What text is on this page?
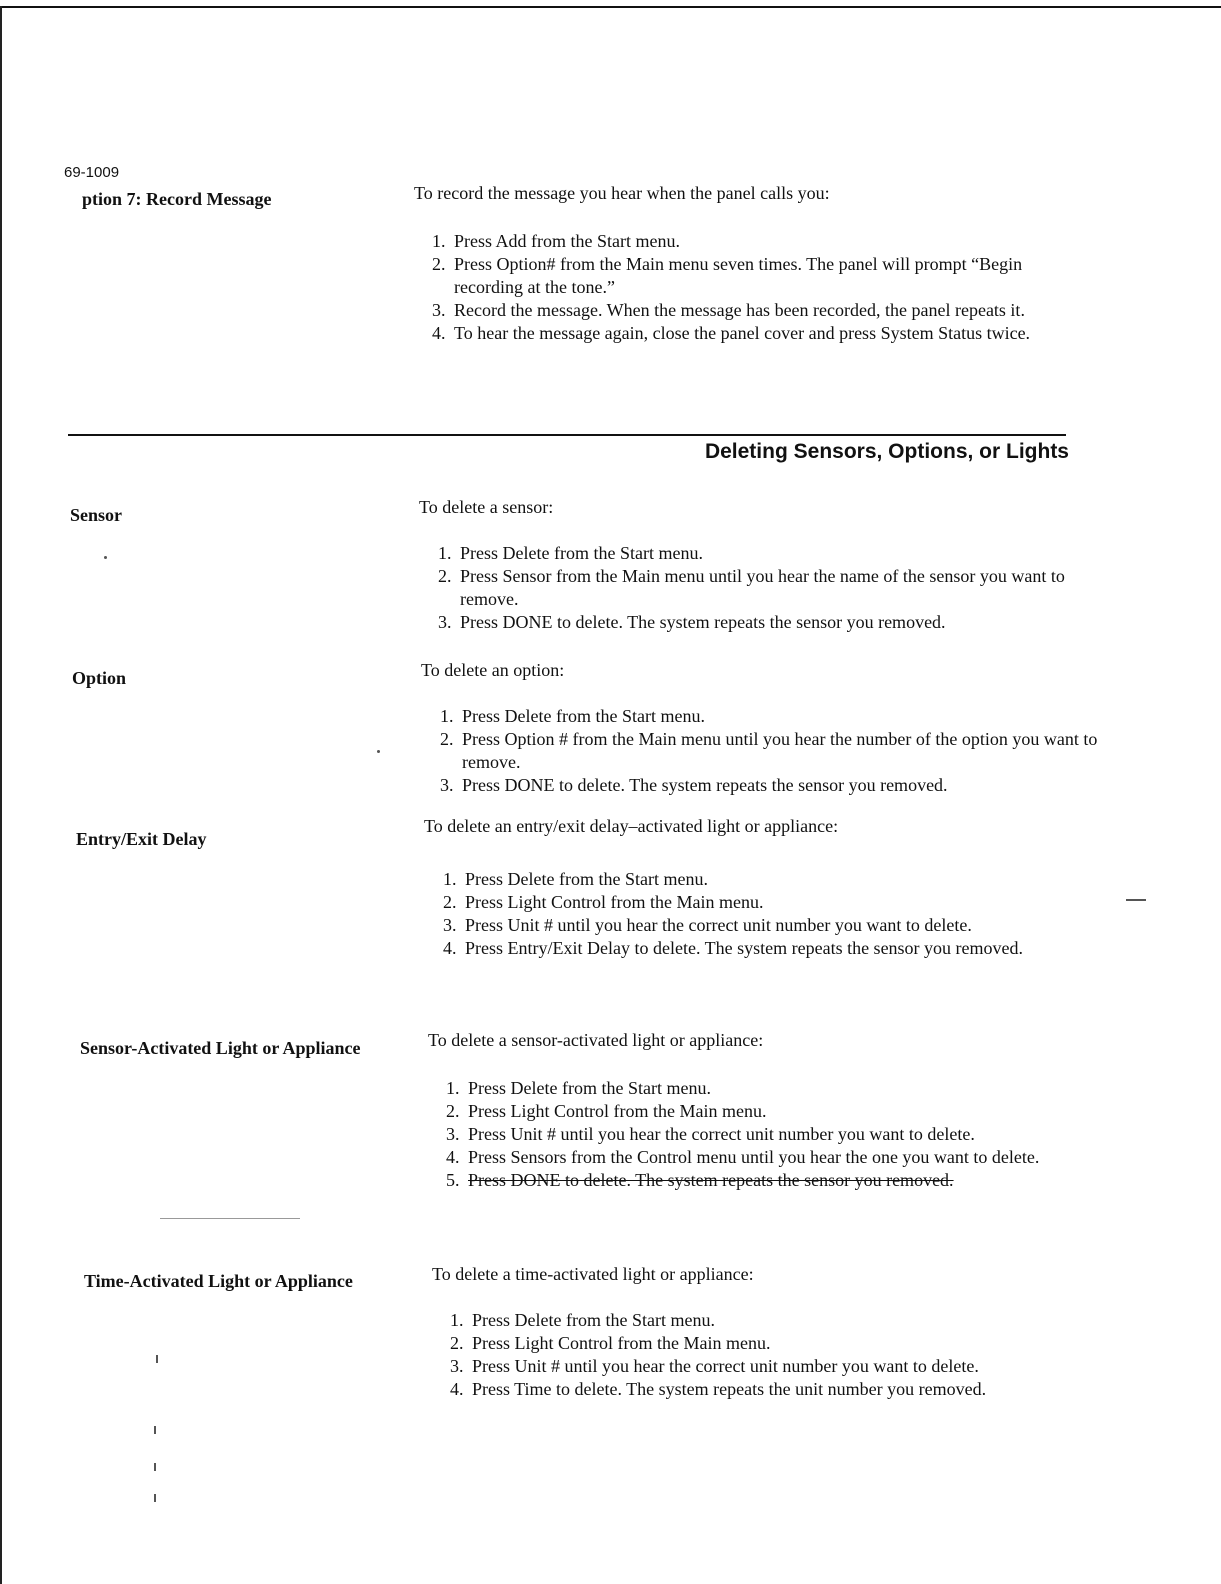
69-1009
ption 7: Record Message	To record the message you hear when the panel calls you:
1. Press Add from the Start menu.
2. Press Option# from the Main menu seven times. The panel will prompt “Begin recording at the tone.”
3. Record the message. When the message has been recorded, the panel repeats it.
4. To hear the message again, close the panel cover and press System Status twice.
Deleting Sensors, Options, or Lights
Sensor	To delete a sensor:
1. Press Delete from the Start menu.
2. Press Sensor from the Main menu until you hear the name of the sensor you want to remove.
3. Press DONE to delete. The system repeats the sensor you removed.
Option	To delete an option:
1. Press Delete from the Start menu.
2. Press Option # from the Main menu until you hear the number of the option you want to remove.
3. Press DONE to delete. The system repeats the sensor you removed.
Entry/Exit Delay
To delete an entry/exit delay–activated light or appliance:
1. Press Delete from the Start menu.
2. Press Light Control from the Main menu.
3. Press Unit # until you hear the correct unit number you want to delete.
4. Press Entry/Exit Delay to delete. The system repeats the sensor you removed.
Sensor-Activated Light or Appliance	To delete a sensor-activated light or appliance:
1. Press Delete from the Start menu.
2. Press Light Control from the Main menu.
3. Press Unit # until you hear the correct unit number you want to delete.
4. Press Sensors from the Control menu until you hear the one you want to delete.
5. Press DONE to delete. The system repeats the sensor you removed.
Time-Activated Light or Appliance	To delete a time-activated light or appliance:
1. Press Delete from the Start menu.
2. Press Light Control from the Main menu.
3. Press Unit # until you hear the correct unit number you want to delete.
4. Press Time to delete. The system repeats the unit number you removed.
